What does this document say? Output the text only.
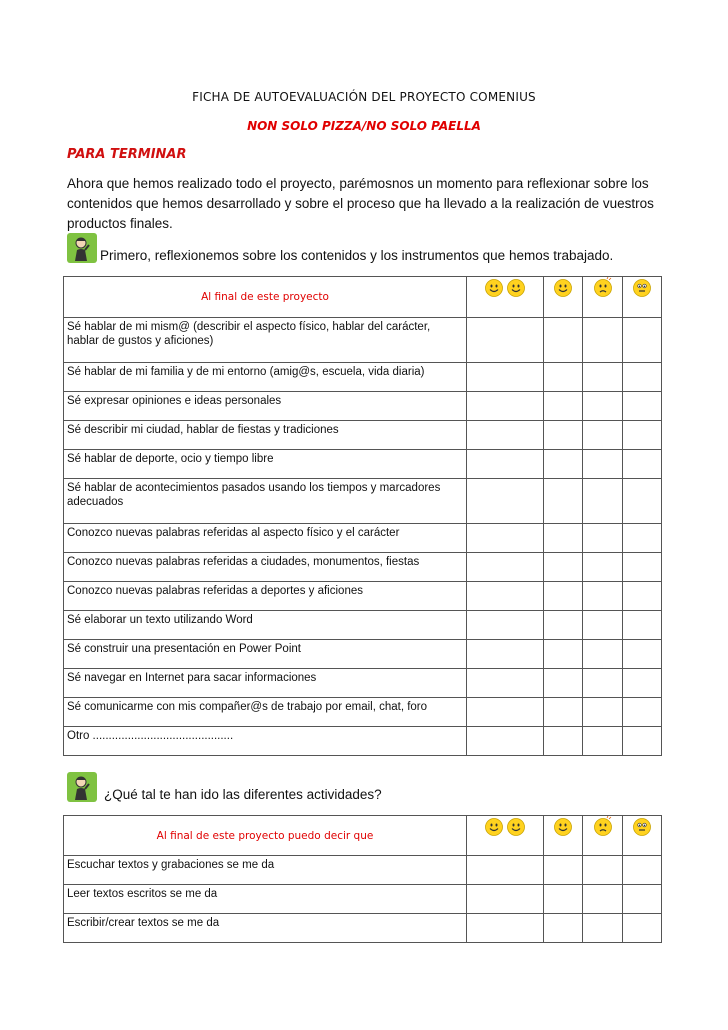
FICHA DE AUTOEVALUACIÓN DEL PROYECTO COMENIUS
NON SOLO PIZZA/NO SOLO PAELLA
PARA TERMINAR
Ahora que hemos realizado todo el proyecto, parémosnos un momento para reflexionar sobre los contenidos que hemos desarrollado y sobre el proceso que ha llevado a la realización de vuestros productos finales.
Primero, reflexionemos sobre los contenidos y los instrumentos que hemos trabajado.
Al final de este proyecto	

Sé hablar de mi mism@ (describir el aspecto físico, hablar del carácter, hablar de gustos y aficiones)				
Sé hablar de mi familia y de mi entorno (amig@s, escuela, vida diaria)				
Sé expresar opiniones e ideas personales				
Sé describir mi ciudad, hablar de fiestas y tradiciones				
Sé hablar de deporte, ocio y tiempo libre				
Sé hablar de acontecimientos pasados usando los tiempos y marcadores adecuados				
Conozco nuevas palabras referidas al aspecto físico y el carácter				
Conozco nuevas palabras referidas a ciudades, monumentos, fiestas				
Conozco nuevas palabras referidas a deportes y aficiones				
Sé elaborar un texto utilizando Word				
Sé construir una presentación en Power Point				
Sé navegar en Internet para sacar informaciones				
Sé comunicarme con mis compañer@s de trabajo por email, chat, foro				
Otro ............................................				
¿Qué tal te han ido las diferentes actividades?
Al final de este proyecto puedo decir que	

Escuchar textos y grabaciones se me da				
Leer textos escritos se me da				
Escribir/crear textos se me da				
